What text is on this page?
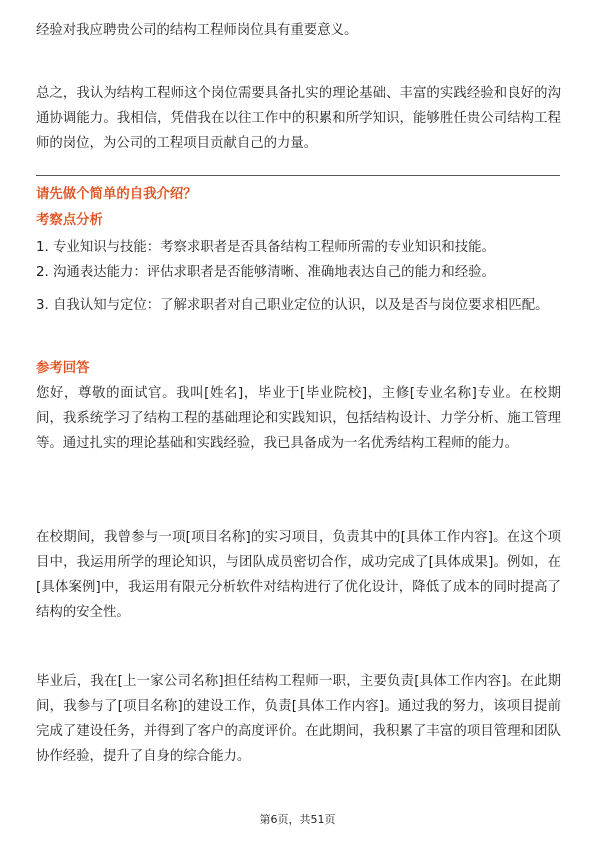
经验对我应聘贵公司的结构工程师岗位具有重要意义。

总之，我认为结构工程师这个岗位需要具备扎实的理论基础、丰富的实践经验和良好的沟通协调能力。我相信，凭借我在以往工作中的积累和所学知识，能够胜任贵公司结构工程师的岗位，为公司的工程项目贡献自己的力量。

请先做个简单的自我介绍？

考察点分析

1. 专业知识与技能：考察求职者是否具备结构工程师所需的专业知识和技能。

2. 沟通表达能力：评估求职者是否能够清晰、准确地表达自己的能力和经验。

3. 自我认知与定位：了解求职者对自己职业定位的认识，以及是否与岗位要求相匹配。

参考回答

您好，尊敬的面试官。我叫[姓名]，毕业于[毕业院校]，主修[专业名称]专业。在校期间，我系统学习了结构工程的基础理论和实践知识，包括结构设计、力学分析、施工管理等。通过扎实的理论基础和实践经验，我已具备成为一名优秀结构工程师的能力。

在校期间，我曾参与一项[项目名称]的实习项目，负责其中的[具体工作内容]。在这个项目中，我运用所学的理论知识，与团队成员密切合作，成功完成了[具体成果]。例如，在[具体案例]中，我运用有限元分析软件对结构进行了优化设计，降低了成本的同时提高了结构的安全性。

毕业后，我在[上一家公司名称]担任结构工程师一职，主要负责[具体工作内容]。在此期间，我参与了[项目名称]的建设工作，负责[具体工作内容]。通过我的努力，该项目提前完成了建设任务，并得到了客户的高度评价。在此期间，我积累了丰富的项目管理和团队协作经验，提升了自身的综合能力。

第6页，共51页
